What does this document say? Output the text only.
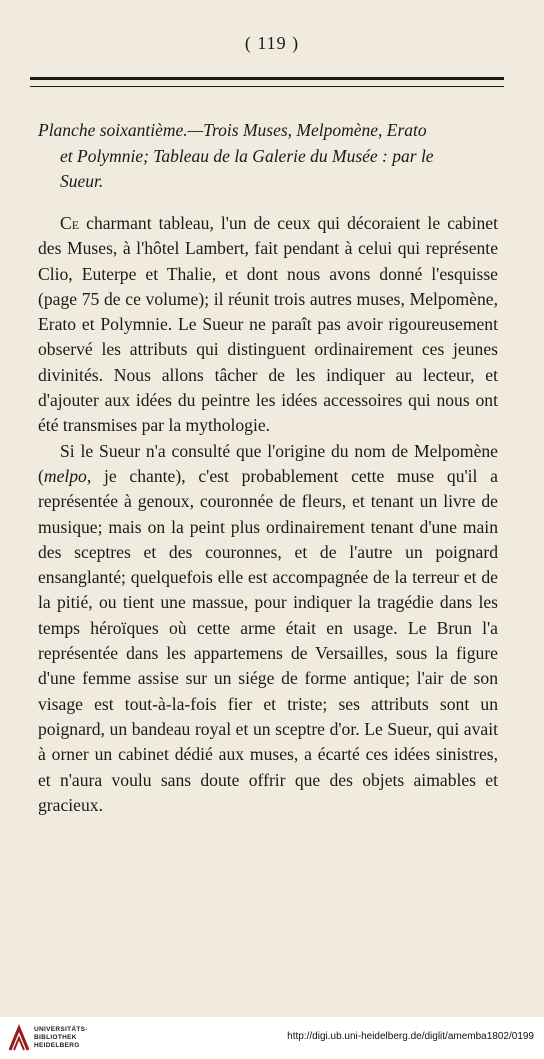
( 119 )
Planche soixantième.—Trois Muses, Melpomène, Erato
et Polymnie; Tableau de la Galerie du Musée : par le
Sueur.

Ce charmant tableau, l'un de ceux qui décoraient le cabinet des Muses, à l'hôtel Lambert, fait pendant à celui qui représente Clio, Euterpe et Thalie, et dont nous avons donné l'esquisse (page 75 de ce volume); il réunit trois autres muses, Melpomène, Erato et Polymnie. Le Sueur ne paraît pas avoir rigoureusement observé les attributs qui distinguent ordinairement ces jeunes divinités. Nous allons tâcher de les indiquer au lecteur, et d'ajouter aux idées du peintre les idées accessoires qui nous ont été transmises par la mythologie.

Si le Sueur n'a consulté que l'origine du nom de Melpomène (melpo, je chante), c'est probablement cette muse qu'il a représentée à genoux, couronnée de fleurs, et tenant un livre de musique; mais on la peint plus ordinairement tenant d'une main des sceptres et des couronnes, et de l'autre un poignard ensanglanté; quelquefois elle est accompagnée de la terreur et de la pitié, ou tient une massue, pour indiquer la tragédie dans les temps héroïques où cette arme était en usage. Le Brun l'a représentée dans les appartemens de Versailles, sous la figure d'une femme assise sur un siége de forme antique; l'air de son visage est tout-à-la-fois fier et triste; ses attributs sont un poignard, un bandeau royal et un sceptre d'or. Le Sueur, qui avait à orner un cabinet dédié aux muses, a écarté ces idées sinistres, et n'aura voulu sans doute offrir que des objets aimables et gracieux.

UNIVERSITÄTS-
BIBLIOTHEK
HEIDELBERG
http://digi.ub.uni-heidelberg.de/diglit/amemba1802/0199
